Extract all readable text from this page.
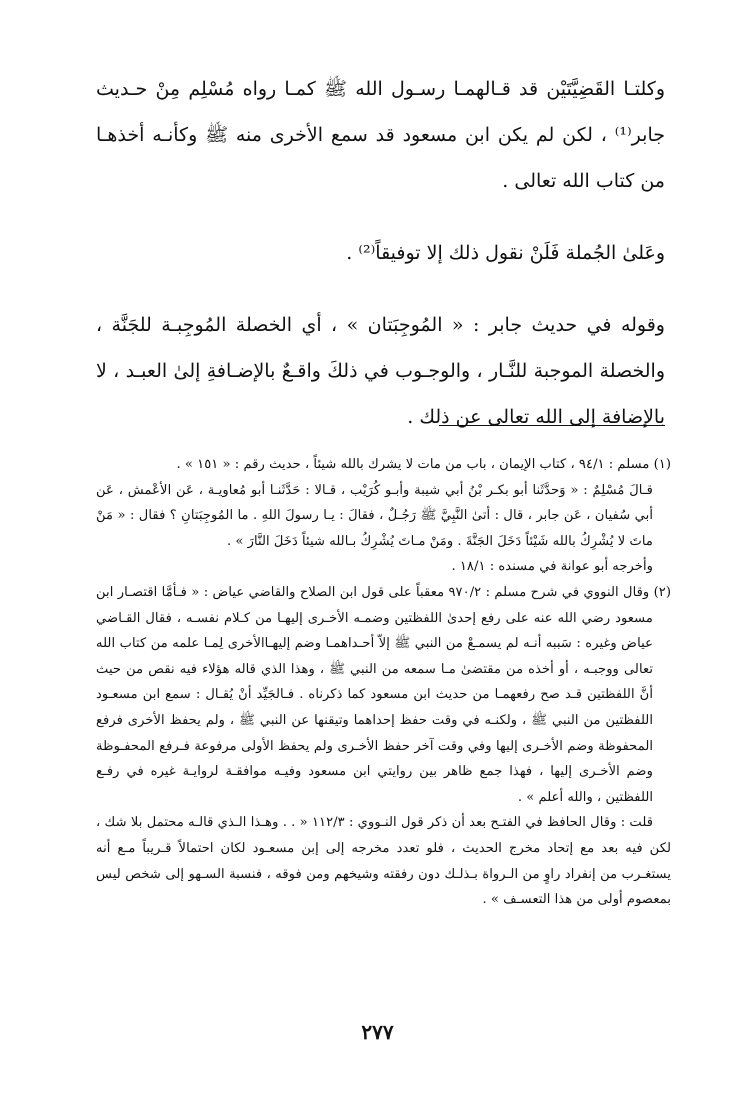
وكلتـا القَضِيَّتَيْن قد قـالهمـا رسـول الله ﷺ كمـا رواه مُسْلِم مِنْ حـديث جابر⁽¹⁾ ، لكن لم يكن ابن مسعود قد سمع الأخرى منه ﷺ وكأنـه أخذهـا من كتاب الله تعالى .

وعَلىٰ الجُملة فَلَنْ نقول ذلك إلا توفيقاً⁽²⁾ .

وقوله في حديث جابر : « المُوجِبَتان » ، أي الخصلة المُوجِبـة للجَنَّة ، والخصلة الموجبة للنَّـار ، والوجـوب في ذلكَ واقـعٌ بالإضـافةِ إلىٰ العبـد ، لا بالإضافة إلى الله تعالى عن ذلك .

(١) مسلم : ٩٤/١ ، كتاب الإيمان ، باب من مات لا يشرك بالله شيئاً ، حديث رقم : « ١٥١ » .

قـالَ مُسْلِمٌ : « وَحدَّثَنا أبو بكـر بْنُ أبي شيبة وأبـو كُرَيْب ، قـالا : حَدَّثَنـا أبو مُعاويـة ، عَن الأعْمش ، عَن أبي سُفيان ، عَن جابر ، قال : أتىٰ النَّبِيَّ ﷺ رَجُـلٌ ، فقالَ : يـا رسولَ اللهِ . ما المُوجِبَتانِ ؟ فقال : « مَنْ ماتَ لا يُشْرِكُ بالله شَيْئاً دَخَلَ الجَنَّةَ . ومَنْ مـاتَ يُشْرِكُ بـالله شيئاً دَخَلَ النَّارَ » .

وأخرجه أبو عوانة في مسنده : ١٨/١ .

(٢) وقال النووي في شرح مسلم : ٩٧٠/٢ معقباً على قول ابن الصلاح والقاضي عياض : « فـأمَّا اقتصـار ابن مسعود رضي الله عنه على رفع إحدىٰ اللفظتين وضمـه الأخـرى إليهـا من كـلام نفسـه ، فقال القـاضي عياض وغيره : سَببه أنـه لم يسمـعْ من النبي ﷺ إلاّ أحـداهمـا وضم إليهـاالأخرى لِمـا علمه من كتاب الله تعالى ووجبـه ، أو أخذه من مقتضىٰ مـا سمعه من النبي ﷺ ، وهذا الذي قاله هؤلاء فيه نقص من حيث أنَّ اللفظتين قـد صح رفعهمـا من حديث ابن مسعود كما ذكرناه . فـالجَيِّد أنْ يُقـال : سمع ابن مسعـود اللفظتين من النبي ﷺ ، ولكنـه في وقت حفظ إحداهما وتيقنها عن النبي ﷺ ، ولم يحفظ الأخرى فرفع المحفوظة وضم الأخـرى إليها وفي وقت آخر حفظ الأخـرى ولم يحفظ الأولى مرفوعة فـرفع المحفـوظة وضم الأخـرى إليها ، فهذا جمع ظاهر بين روايتي ابن مسعود وفيـه موافقـة لروايـة غيره في رفـع اللفظتين ، والله أعلم » .

قلت : وقال الحافظ في الفتـح بعد أن ذكر قول النـووي : ١١٢/٣ « . . وهـذا الـذي قالـه محتمل بلا شك ، لكن فيه بعد مع إتحاد مخرج الحديث ، فلو تعدد مخرجه إلى إبن مسعـود لكان احتمالاً قـريباً مـع أنه يستغـرب من إنفراد راوٍ من الـرواة بـذلـك دون رفقته وشيخهم ومن فوقه ، فنسبة السـهو إلى شخص ليس بمعصوم أولى من هذا التعسـف » .

٢٧٧
